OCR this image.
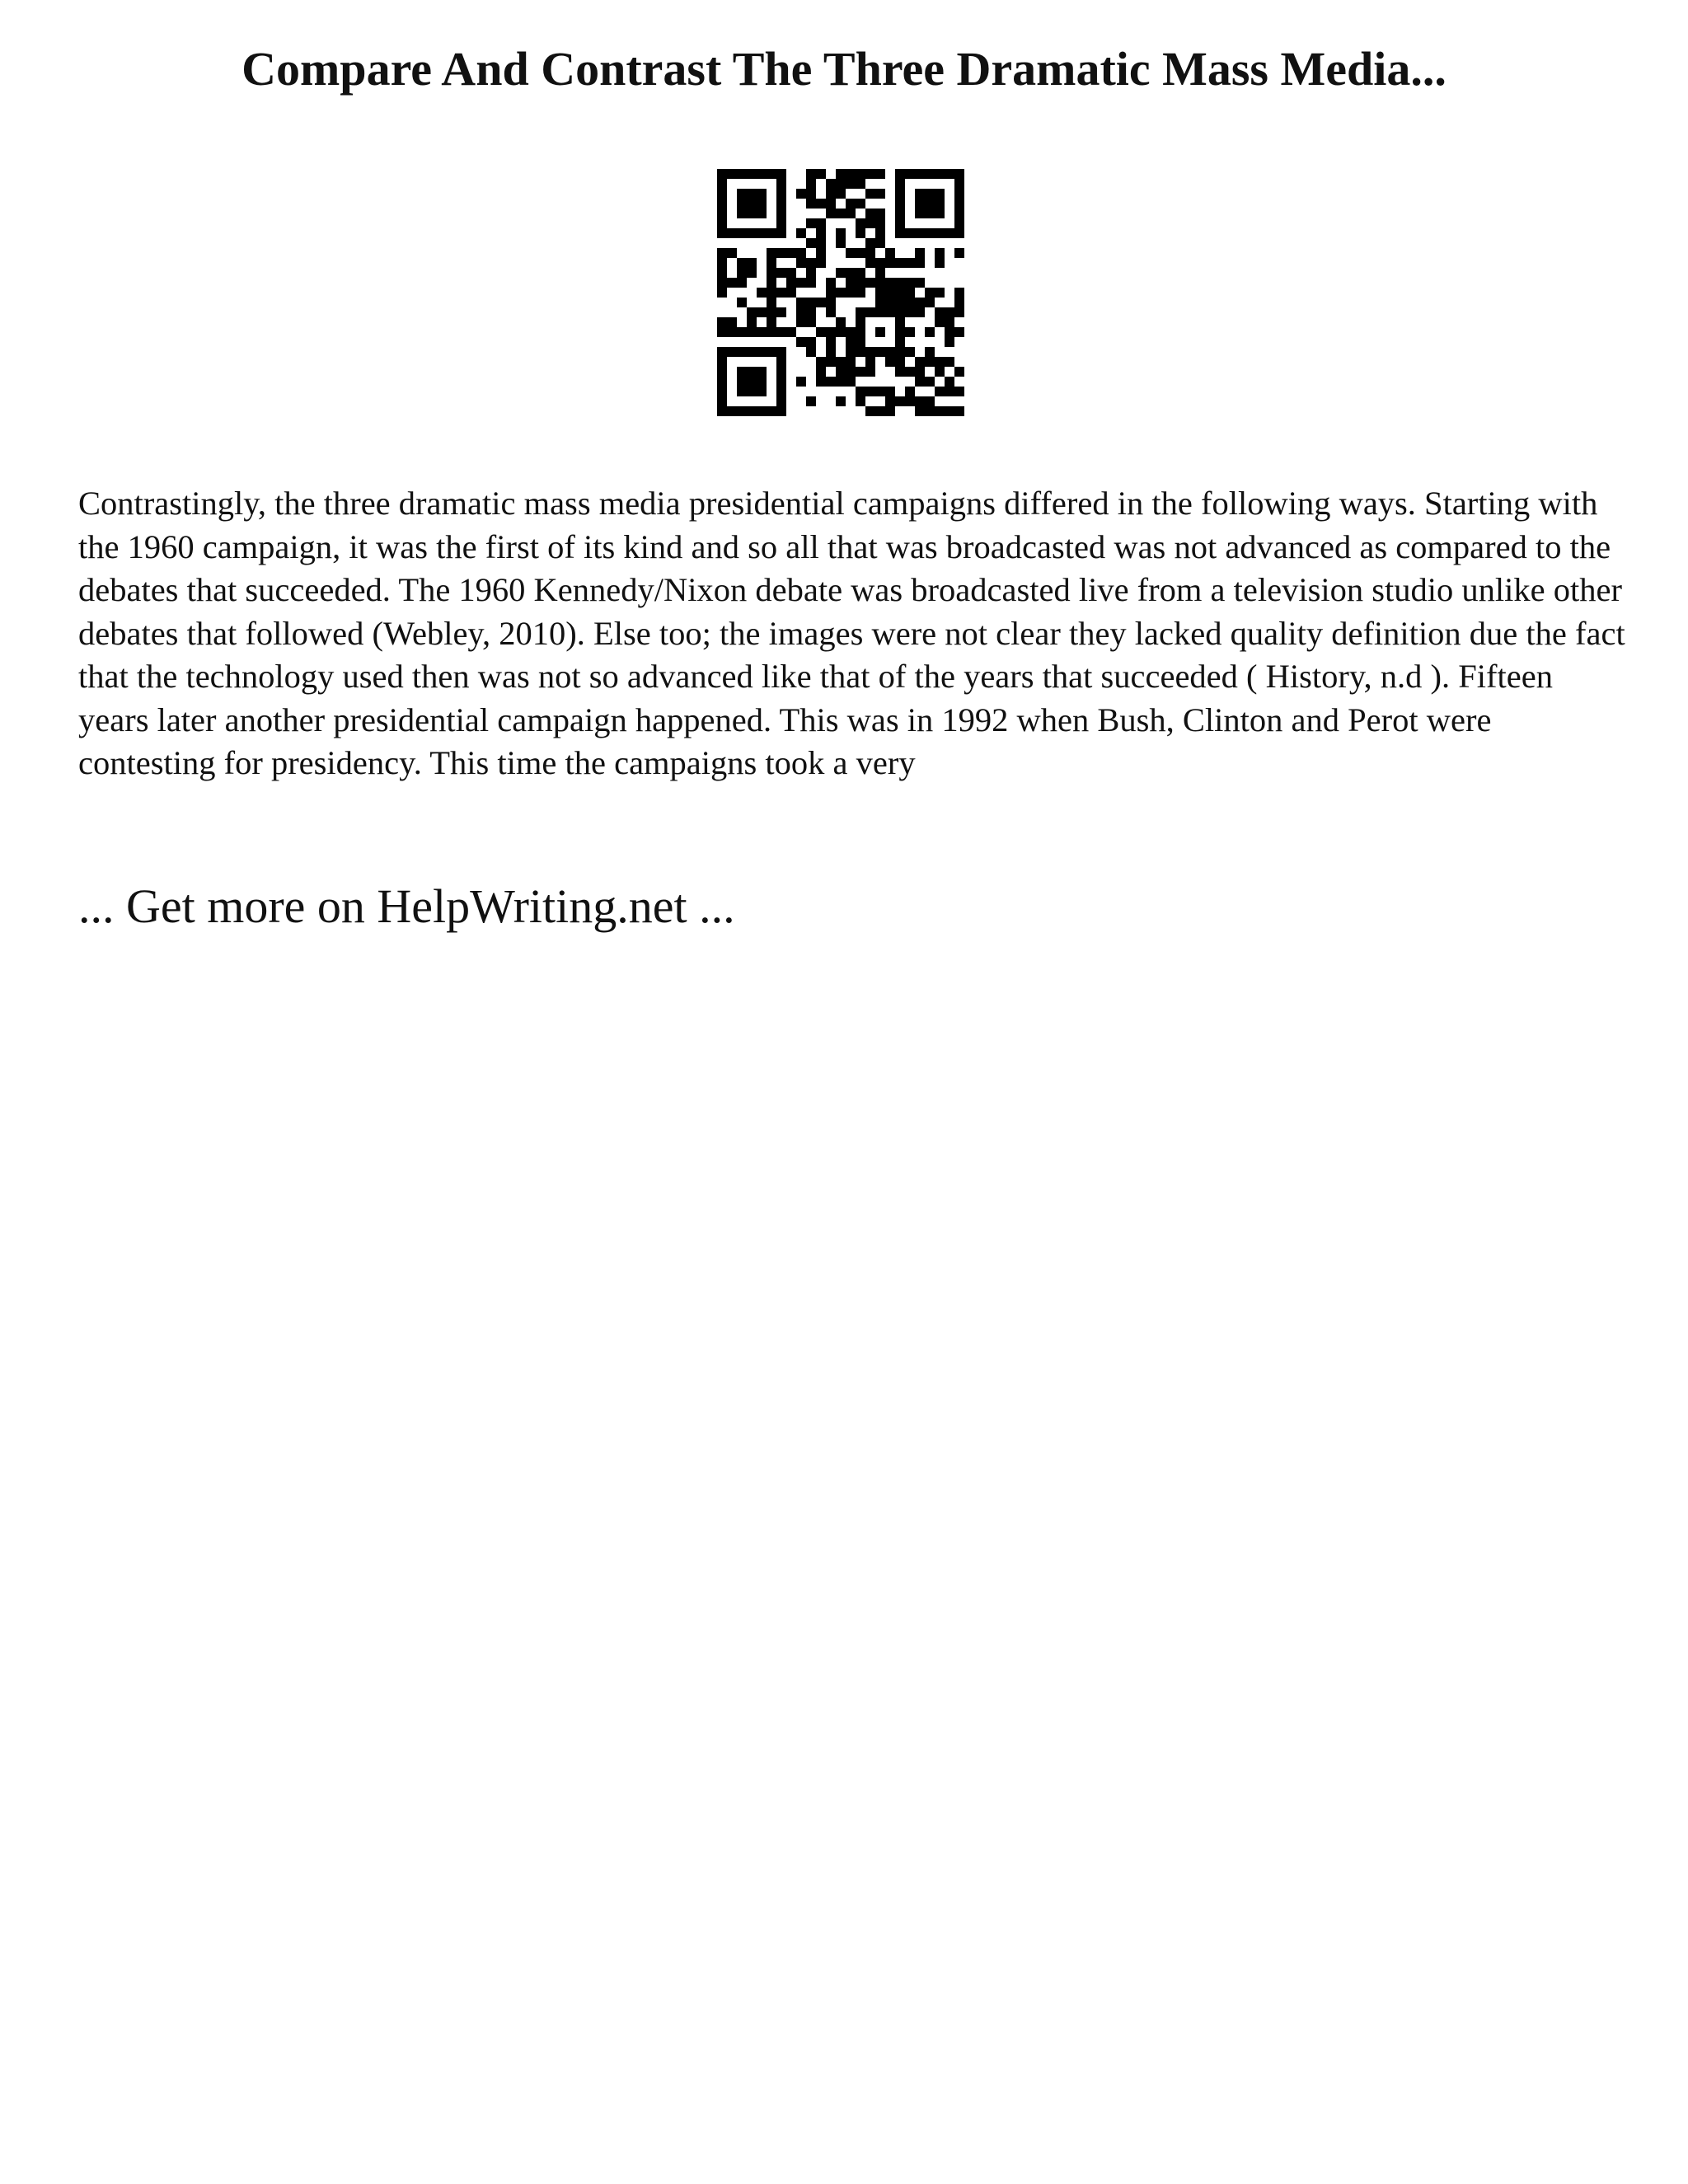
Compare And Contrast The Three Dramatic Mass Media...

Contrastingly, the three dramatic mass media presidential campaigns differed in the following ways. Starting with the 1960 campaign, it was the first of its kind and so all that was broadcasted was not advanced as compared to the debates that succeeded. The 1960 Kennedy/Nixon debate was broadcasted live from a television studio unlike other debates that followed (Webley, 2010). Else too; the images were not clear they lacked quality definition due the fact that the technology used then was not so advanced like that of the years that succeeded ( History, n.d ). Fifteen years later another presidential campaign happened. This was in 1992 when Bush, Clinton and Perot were contesting for presidency. This time the campaigns took a very

... Get more on HelpWriting.net ...
